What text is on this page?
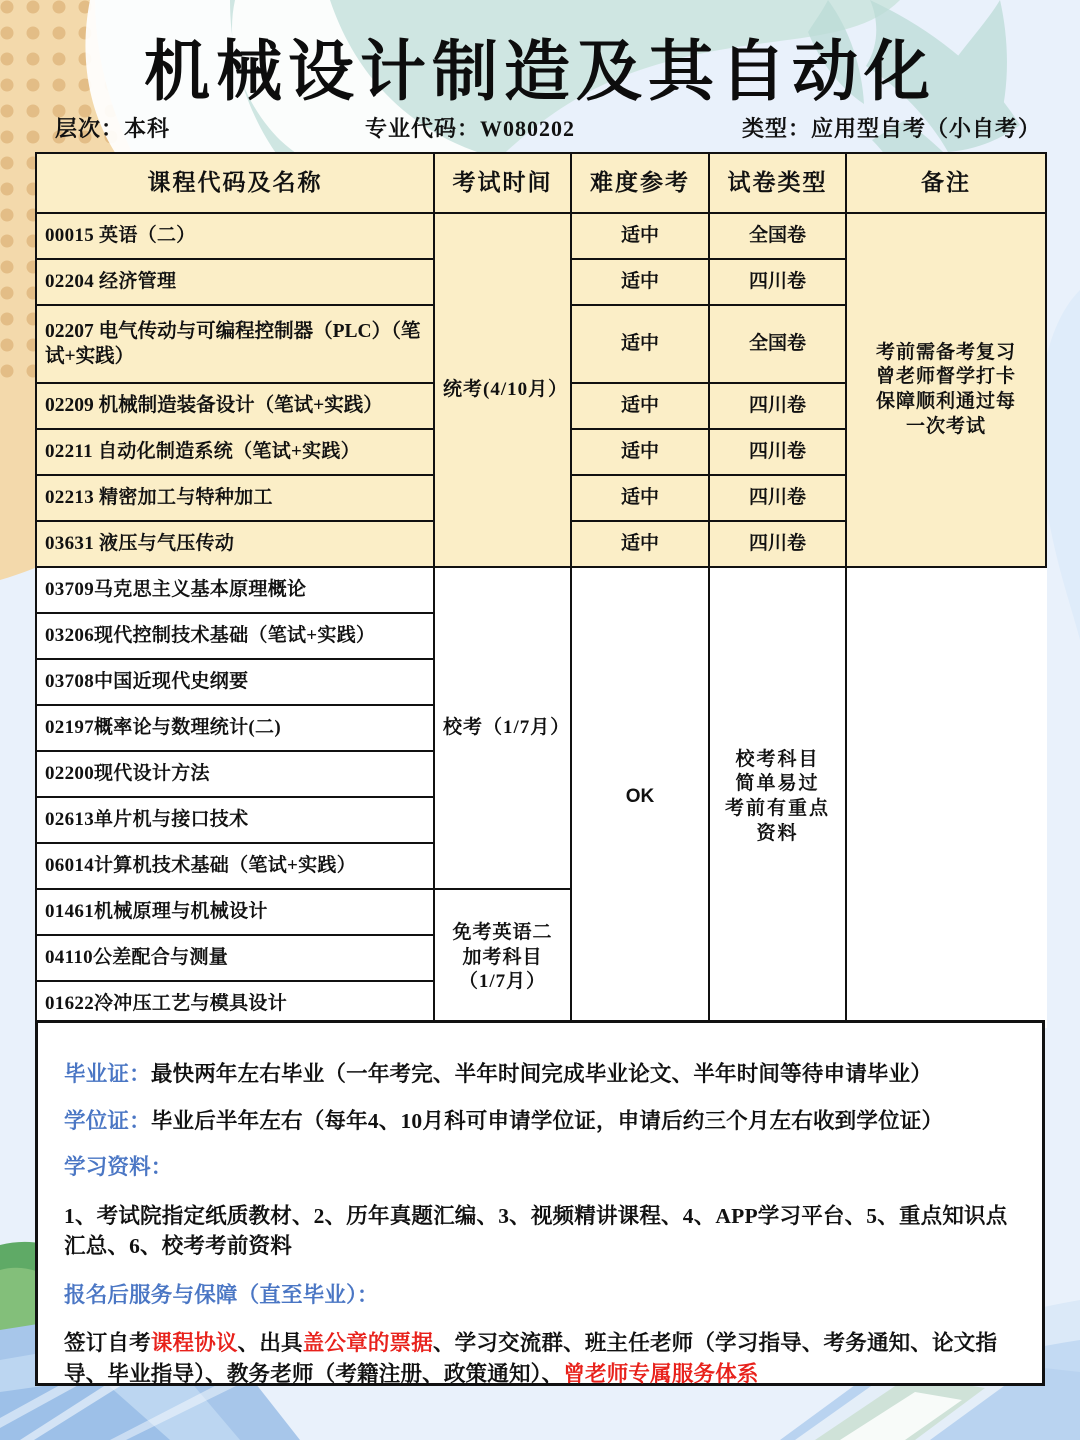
机械设计制造及其自动化
层次：本科	专业代码：W080202	类型：应用型自考（小自考）
课程代码及名称	考试时间	难度参考	试卷类型	备注
00015 英语（二）	统考(4/10月）	适中	全国卷	考前需备考复习
曾老师督学打卡
保障顺利通过每
一次考试

02204 经济管理		适中	四川卷	
02207 电气传动与可编程控制器（PLC）（笔试+实践）		适中	全国卷	
02209 机械制造装备设计（笔试+实践）		适中	四川卷	
02211 自动化制造系统（笔试+实践）		适中	四川卷	
02213 精密加工与特种加工		适中	四川卷	
03631 液压与气压传动		适中	四川卷	
03709马克思主义基本原理概论	校考（1/7月）	OK	校考科目
简单易过
考前有重点资料	

03206现代控制技术基础（笔试+实践）				
03708中国近现代史纲要				
02197概率论与数理统计(二)				
02200现代设计方法				
02613单片机与接口技术				
06014计算机技术基础（笔试+实践）				
01461机械原理与机械设计	免考英语二加考科目（1/7月）			
04110公差配合与测量				
01622冷冲压工艺与模具设计				

毕业证：最快两年左右毕业（一年考完、半年时间完成毕业论文、半年时间等待申请毕业）

学位证：毕业后半年左右（每年4、10月科可申请学位证，申请后约三个月左右收到学位证）

学习资料：

1、考试院指定纸质教材、2、历年真题汇编、3、视频精讲课程、4、APP学习平台、5、重点知识点汇总、6、校考考前资料

报名后服务与保障（直至毕业）：

签订自考课程协议、出具盖公章的票据、学习交流群、班主任老师（学习指导、考务通知、论文指导、毕业指导）、教务老师（考籍注册、政策通知）、曾老师专属服务体系
